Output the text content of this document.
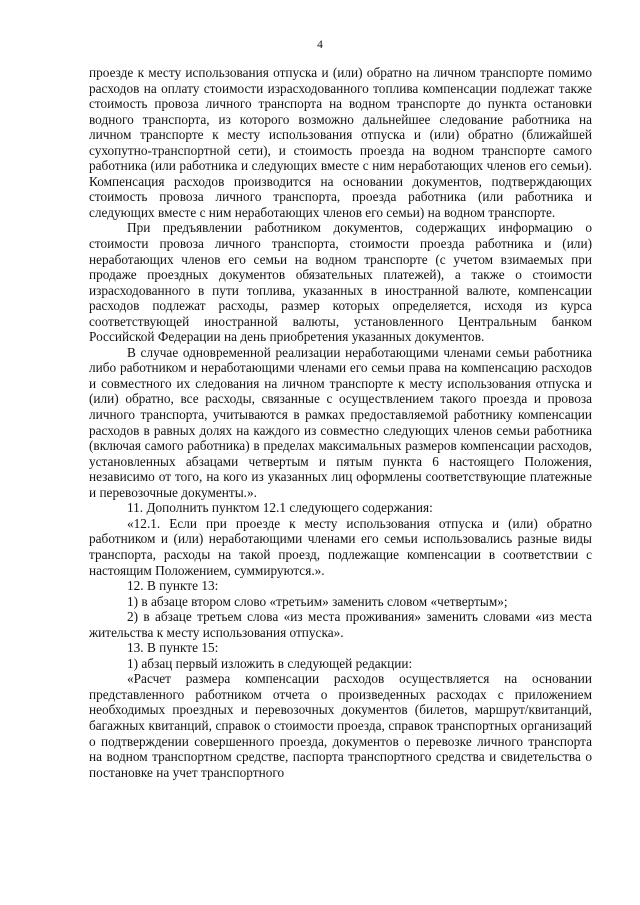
4

проезде к месту использования отпуска и (или) обратно на личном транспорте помимо расходов на оплату стоимости израсходованного топлива компенсации подлежат также стоимость провоза личного транспорта на водном транспорте до пункта остановки водного транспорта, из которого возможно дальнейшее следование работника на личном транспорте к месту использования отпуска и (или) обратно (ближайшей сухопутно-транспортной сети), и стоимость проезда на водном транспорте самого работника (или работника и следующих вместе с ним неработающих членов его семьи). Компенсация расходов производится на основании документов, подтверждающих стоимость провоза личного транспорта, проезда работника (или работника и следующих вместе с ним неработающих членов его семьи) на водном транспорте.

При предъявлении работником документов, содержащих информацию о стоимости провоза личного транспорта, стоимости проезда работника и (или) неработающих членов его семьи на водном транспорте (с учетом взимаемых при продаже проездных документов обязательных платежей), а также о стоимости израсходованного в пути топлива, указанных в иностранной валюте, компенсации расходов подлежат расходы, размер которых определяется, исходя из курса соответствующей иностранной валюты, установленного Центральным банком Российской Федерации на день приобретения указанных документов.

В случае одновременной реализации неработающими членами семьи работника либо работником и неработающими членами его семьи права на компенсацию расходов и совместного их следования на личном транспорте к месту использования отпуска и (или) обратно, все расходы, связанные с осуществлением такого проезда и провоза личного транспорта, учитываются в рамках предоставляемой работнику компенсации расходов в равных долях на каждого из совместно следующих членов семьи работника (включая самого работника) в пределах максимальных размеров компенсации расходов, установленных абзацами четвертым и пятым пункта 6 настоящего Положения, независимо от того, на кого из указанных лиц оформлены соответствующие платежные и перевозочные документы.».

11. Дополнить пунктом 12.1 следующего содержания:

«12.1. Если при проезде к месту использования отпуска и (или) обратно работником и (или) неработающими членами его семьи использовались разные виды транспорта, расходы на такой проезд, подлежащие компенсации в соответствии с настоящим Положением, суммируются.».

12. В пункте 13:

1) в абзаце втором слово «третьим» заменить словом «четвертым»;

2) в абзаце третьем слова «из места проживания» заменить словами «из места жительства к месту использования отпуска».

13. В пункте 15:

1) абзац первый изложить в следующей редакции:

«Расчет размера компенсации расходов осуществляется на основании представленного работником отчета о произведенных расходах с приложением необходимых проездных и перевозочных документов (билетов, маршрут/квитанций, багажных квитанций, справок о стоимости проезда, справок транспортных организаций о подтверждении совершенного проезда, документов о перевозке личного транспорта на водном транспортном средстве, паспорта транспортного средства и свидетельства о постановке на учет транспортного
